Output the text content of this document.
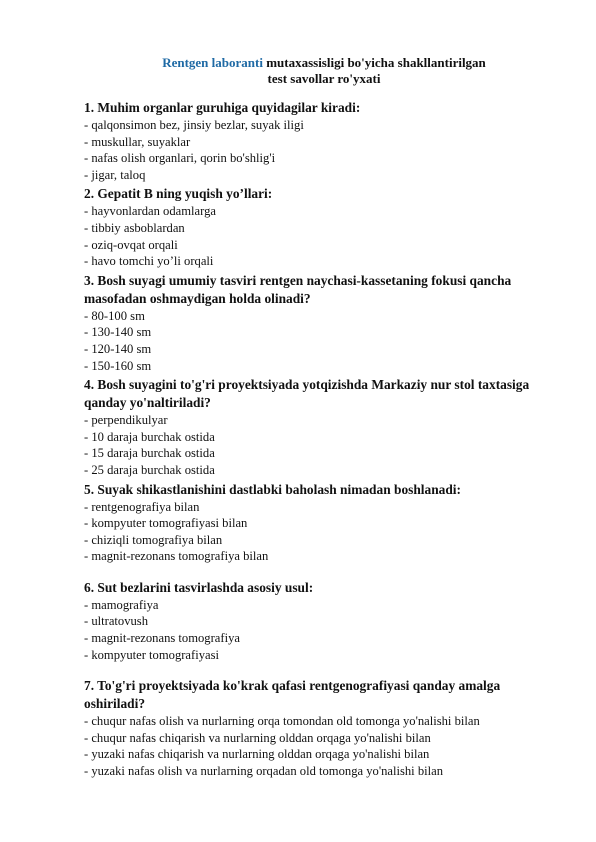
Rentgen laboranti mutaxassisligi bo'yicha shakllantirilgan
test savollar ro'yxati

1. Muhim organlar guruhiga quyidagilar kiradi:

- qalqonsimon bez, jinsiy bezlar, suyak iligi

- muskullar, suyaklar

- nafas olish organlari, qorin bo'shlig'i

- jigar, taloq

2. Gepatit B ning yuqish yo’llari:

- hayvonlardan odamlarga

- tibbiy asboblardan

- oziq-ovqat orqali

- havo tomchi yo’li orqali

3. Bosh suyagi umumiy tasviri rentgen naychasi-kassetaning fokusi qancha masofadan oshmaydigan holda olinadi?

- 80-100 sm

- 130-140 sm

- 120-140 sm

- 150-160 sm

4. Bosh suyagini to'g'ri proyektsiyada yotqizishda Markaziy nur stol taxtasiga qanday yo'naltiriladi?

- perpendikulyar

- 10 daraja burchak ostida

- 15 daraja burchak ostida

- 25 daraja burchak ostida

5. Suyak shikastlanishini dastlabki baholash nimadan boshlanadi:

- rentgenografiya bilan

- kompyuter tomografiyasi bilan

- chiziqli tomografiya bilan

- magnit-rezonans tomografiya bilan

6. Sut bezlarini tasvirlashda asosiy usul:

- mamografiya

- ultratovush

- magnit-rezonans tomografiya

- kompyuter tomografiyasi

7. To'g'ri proyektsiyada ko'krak qafasi rentgenografiyasi qanday amalga oshiriladi?

- chuqur nafas olish va nurlarning orqa tomondan old tomonga yo'nalishi bilan

- chuqur nafas chiqarish va nurlarning olddan orqaga yo'nalishi bilan

- yuzaki nafas chiqarish va nurlarning olddan orqaga yo'nalishi bilan

- yuzaki nafas olish va nurlarning orqadan old tomonga yo'nalishi bilan
